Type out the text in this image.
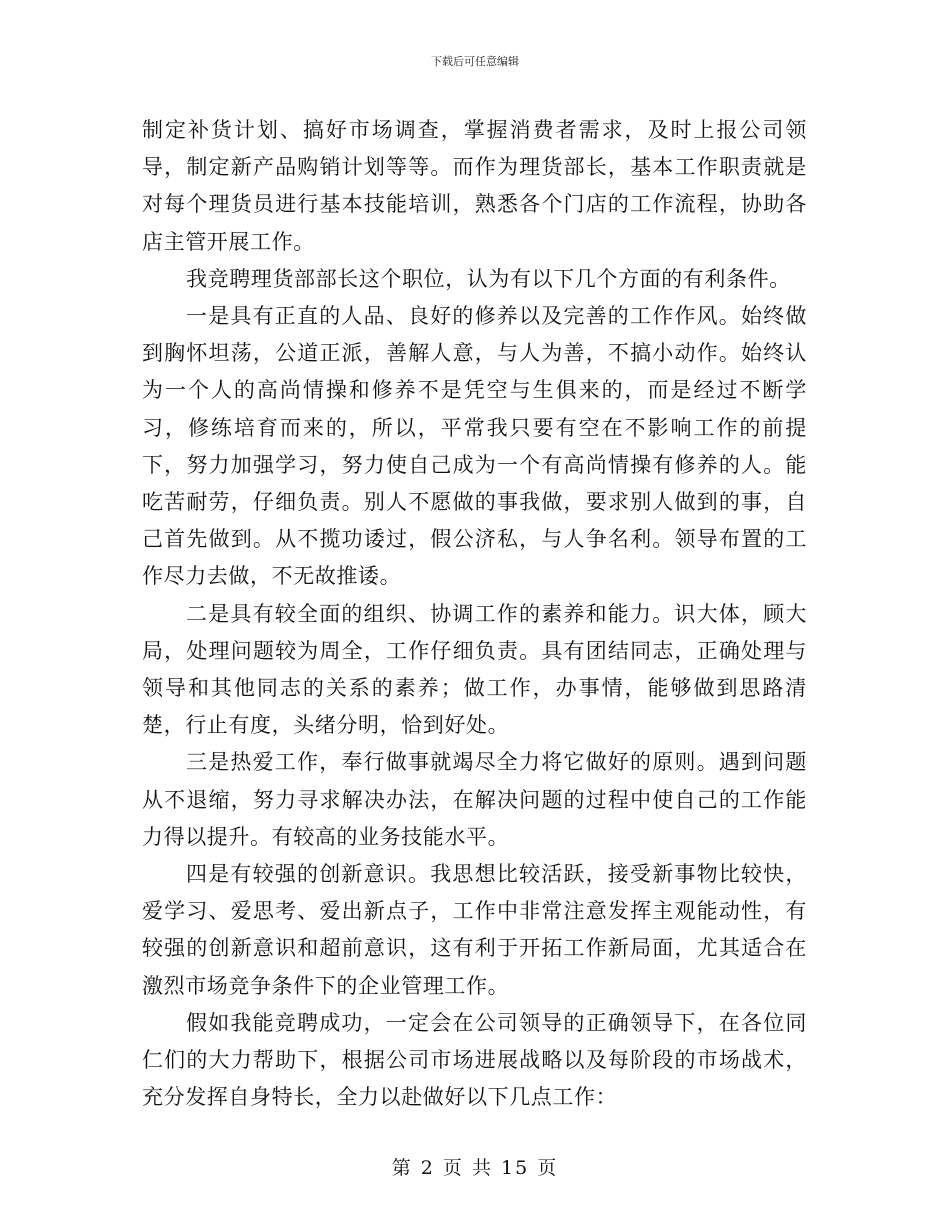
下载后可任意编辑

制定补货计划、搞好市场调查，掌握消费者需求，及时上报公司领导，制定新产品购销计划等等。而作为理货部长，基本工作职责就是对每个理货员进行基本技能培训，熟悉各个门店的工作流程，协助各店主管开展工作。

我竞聘理货部部长这个职位，认为有以下几个方面的有利条件。

一是具有正直的人品、良好的修养以及完善的工作作风。始终做到胸怀坦荡，公道正派，善解人意，与人为善，不搞小动作。始终认为一个人的高尚情操和修养不是凭空与生俱来的，而是经过不断学习，修练培育而来的，所以，平常我只要有空在不影响工作的前提下，努力加强学习，努力使自己成为一个有高尚情操有修养的人。能吃苦耐劳，仔细负责。别人不愿做的事我做，要求别人做到的事，自己首先做到。从不揽功诿过，假公济私，与人争名利。领导布置的工作尽力去做，不无故推诿。

二是具有较全面的组织、协调工作的素养和能力。识大体，顾大局，处理问题较为周全，工作仔细负责。具有团结同志，正确处理与领导和其他同志的关系的素养；做工作，办事情，能够做到思路清楚，行止有度，头绪分明，恰到好处。

三是热爱工作，奉行做事就竭尽全力将它做好的原则。遇到问题从不退缩，努力寻求解决办法，在解决问题的过程中使自己的工作能力得以提升。有较高的业务技能水平。

四是有较强的创新意识。我思想比较活跃，接受新事物比较快，爱学习、爱思考、爱出新点子，工作中非常注意发挥主观能动性，有较强的创新意识和超前意识，这有利于开拓工作新局面，尤其适合在激烈市场竞争条件下的企业管理工作。

假如我能竞聘成功，一定会在公司领导的正确领导下，在各位同仁们的大力帮助下，根据公司市场进展战略以及每阶段的市场战术，充分发挥自身特长，全力以赴做好以下几点工作：

第 2 页 共 15 页
